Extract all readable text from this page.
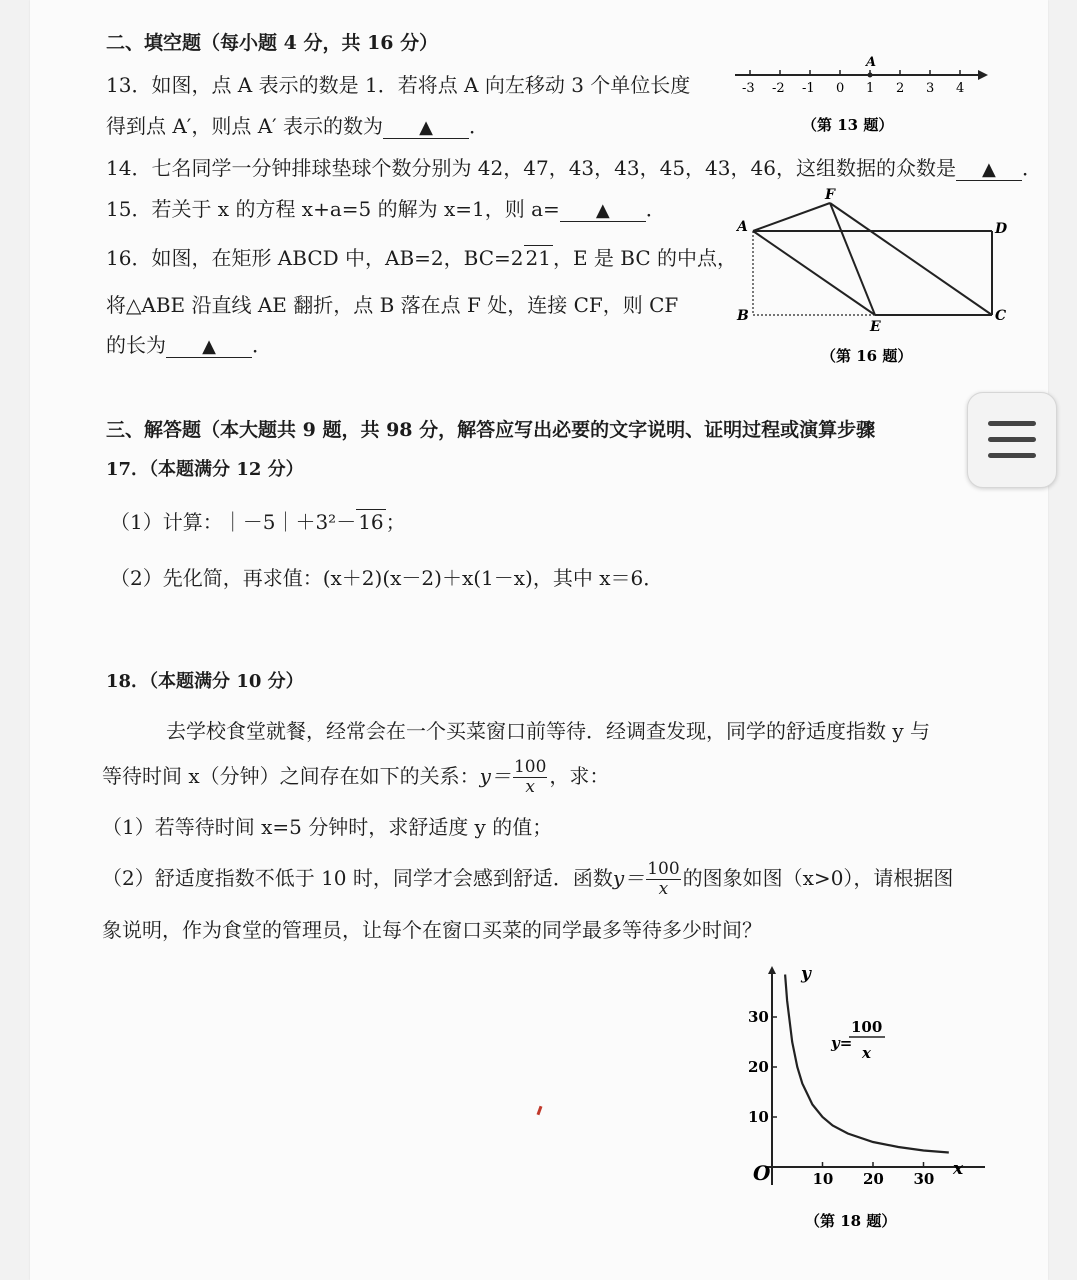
二、填空题（每小题 4 分，共 16 分）
13．如图，点 A 表示的数是 1．若将点 A 向左移动 3 个单位长度
得到点 A′，则点 A′ 表示的数为 ▲ ．
-3 -2 -1 0 1 2 3 4
A
（第 13 题）
14．七名同学一分钟排球垫球个数分别为 42，47，43，43，45，43，46，这组数据的众数是 ▲ ．
15．若关于 x 的方程 x+a=5 的解为 x=1，则 a= ▲ ．
16．如图，在矩形 ABCD 中，AB=2，BC=2 21 ，E 是 BC 的中点，
将△ABE 沿直线 AE 翻折，点 B 落在点 F 处，连接 CF，则 CF
的长为 ▲ ．
A
B	C
D
E
F
（第 16 题）
三、解答题（本大题共 9 题，共 98 分，解答应写出必要的文字说明、证明过程或演算步骤
17．（本题满分 12 分）
（1）计算：｜－5｜＋3²－ 16 ；
（2）先化简，再求值：(x＋2)(x－2)＋x(1－x)，其中 x＝6．
18．（本题满分 10 分）
去学校食堂就餐，经常会在一个买菜窗口前等待．经调查发现，同学的舒适度指数 y 与
等待时间 x（分钟）之间存在如下的关系：$y= \frac{100}{x}$ ，求：
（1）若等待时间 x=5 分钟时，求舒适度 y 的值；
（2）舒适度指数不低于 10 时，同学才会感到舒适．函数$y= \frac{100}{x}$ 的图象如图（x>0），请根据图
象说明，作为食堂的管理员，让每个在窗口买菜的同学最多等待多少时间？
10 20 30
10
20
30
O	x
y
y=
100
x
（第 18 题）
